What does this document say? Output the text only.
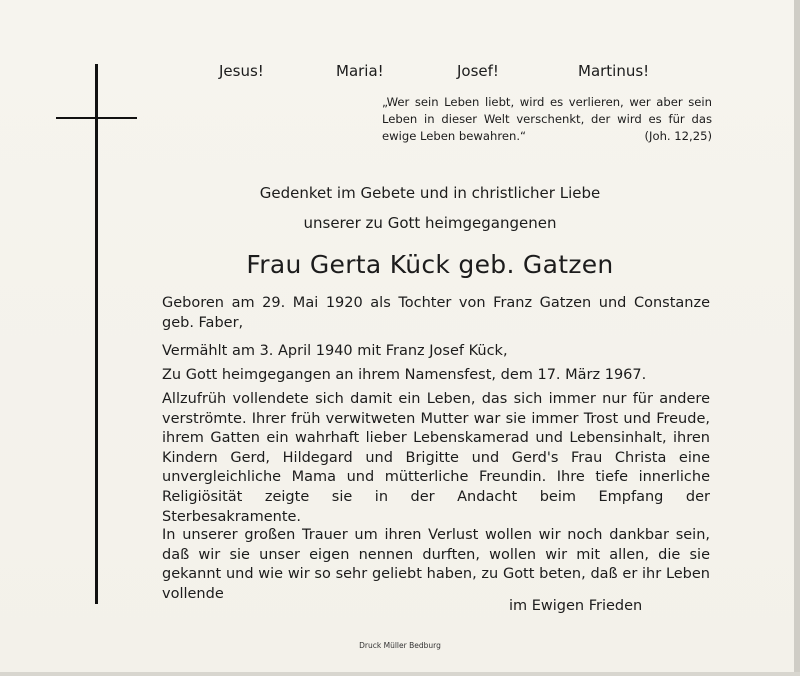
Jesus!	Maria!	Josef!	Martinus!
„Wer sein Leben liebt, wird es verlieren, wer aber sein Leben in dieser Welt verschenkt, der wird es für das ewige Leben bewahren.“	(Joh. 12,25)
Gedenket im Gebete und in christlicher Liebe
unserer zu Gott heimgegangenen
Frau Gerta Kück geb. Gatzen
Geboren am 29. Mai 1920 als Tochter von Franz Gatzen und Constanze geb. Faber,
Vermählt am 3. April 1940 mit Franz Josef Kück,
Zu Gott heimgegangen an ihrem Namensfest, dem 17. März 1967.
Allzufrüh vollendete sich damit ein Leben, das sich immer nur für andere verströmte. Ihrer früh verwitweten Mutter war sie immer Trost und Freude, ihrem Gatten ein wahrhaft lieber Lebenskamerad und Lebensinhalt, ihren Kindern Gerd, Hildegard und Brigitte und Gerd's Frau Christa eine unvergleichliche Mama und mütterliche Freundin. Ihre tiefe innerliche Religiösität zeigte sie in der Andacht beim Empfang der Sterbesakramente.
In unserer großen Trauer um ihren Verlust wollen wir noch dankbar sein, daß wir sie unser eigen nennen durften, wollen wir mit allen, die sie gekannt und wie wir so sehr geliebt haben, zu Gott beten, daß er ihr Leben vollende
im Ewigen Frieden
Druck Müller Bedburg
